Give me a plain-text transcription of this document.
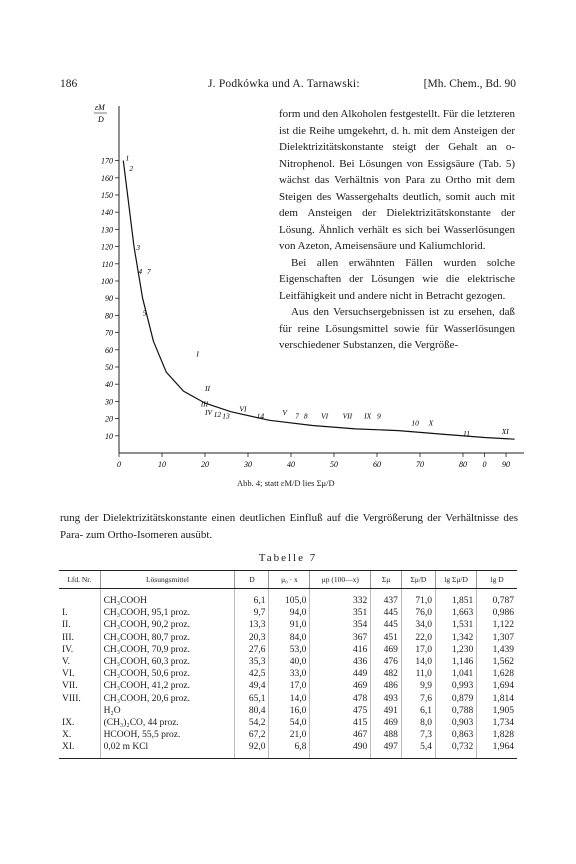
186	J. Podkówka und A. Tarnawski:	[Mh. Chem., Bd. 90
170
160
150
140
130
120
110
100
90
80
70
60
50
40
30
20
10
0	10	20	30	40	50	60	70	80 0 90
εM
D
1
2
3
4 7
5
I
II
III
IV 12 13
VI
14 V 7 8 VI VII IX 9
10 X
11	XI

form und den Alkoholen festgestellt. Für die letzteren ist die Reihe umgekehrt, d. h. mit dem Ansteigen der Dielektrizitätskonstante steigt der Gehalt an o-Nitrophenol. Bei Lösungen von Essigsäure (Tab. 5) wächst das Verhältnis von Para zu Ortho mit dem Steigen des Wassergehalts deutlich, somit auch mit dem Ansteigen der Dielektrizitätskonstante der Lösung. Ähnlich verhält es sich bei Wasserlösungen von Azeton, Ameisensäure und Kaliumchlorid.

Bei allen erwähnten Fällen wurden solche Eigenschaften der Lösungen wie die elektrische Leitfähigkeit und andere nicht in Betracht gezogen.

Aus den Versuchsergebnissen ist zu ersehen, daß für reine Lösungsmittel sowie für Wasserlösungen verschiedener Substanzen, die Vergröße-

Abb. 4; statt εM/D lies Σμ/D
rung der Dielektrizitätskonstante einen deutlichen Einfluß auf die Vergrößerung der Verhältnisse des Para- zum Ortho-Isomeren ausübt.
Tabelle 7
Lfd. Nr.	Lösungsmittel	D	μ₀ · x	μp (100—x)	Σμ	Σμ/D	lg Σμ/D	lg D
	CH₃COOH	6,1	105,0	332	437	71,0	1,851	0,787
I.	CH₃COOH, 95,1 proz.	9,7	94,0	351	445	76,0	1,663	0,986
II.	CH₃COOH, 90,2 proz.	13,3	91,0	354	445	34,0	1,531	1,122
III.	CH₃COOH, 80,7 proz.	20,3	84,0	367	451	22,0	1,342	1,307
IV.	CH₃COOH, 70,9 proz.	27,6	53,0	416	469	17,0	1,230	1,439
V.	CH₃COOH, 60,3 proz.	35,3	40,0	436	476	14,0	1,146	1,562
VI.	CH₃COOH, 50,6 proz.	42,5	33,0	449	482	11,0	1,041	1,628
VII.	CH₃COOH, 41,2 proz.	49,4	17,0	469	486	9,9	0,993	1,694
VIII.	CH₃COOH, 20,6 proz.	65,1	14,0	478	493	7,6	0,879	1,814
	H₂O	80,4	16,0	475	491	6,1	0,788	1,905
IX.	(CH₃)₂CO, 44 proz.	54,2	54,0	415	469	8,0	0,903	1,734
X.	HCOOH, 55,5 proz.	67,2	21,0	467	488	7,3	0,863	1,828
XI.	0,02 m KCl	92,0	6,8	490	497	5,4	0,732	1,964
